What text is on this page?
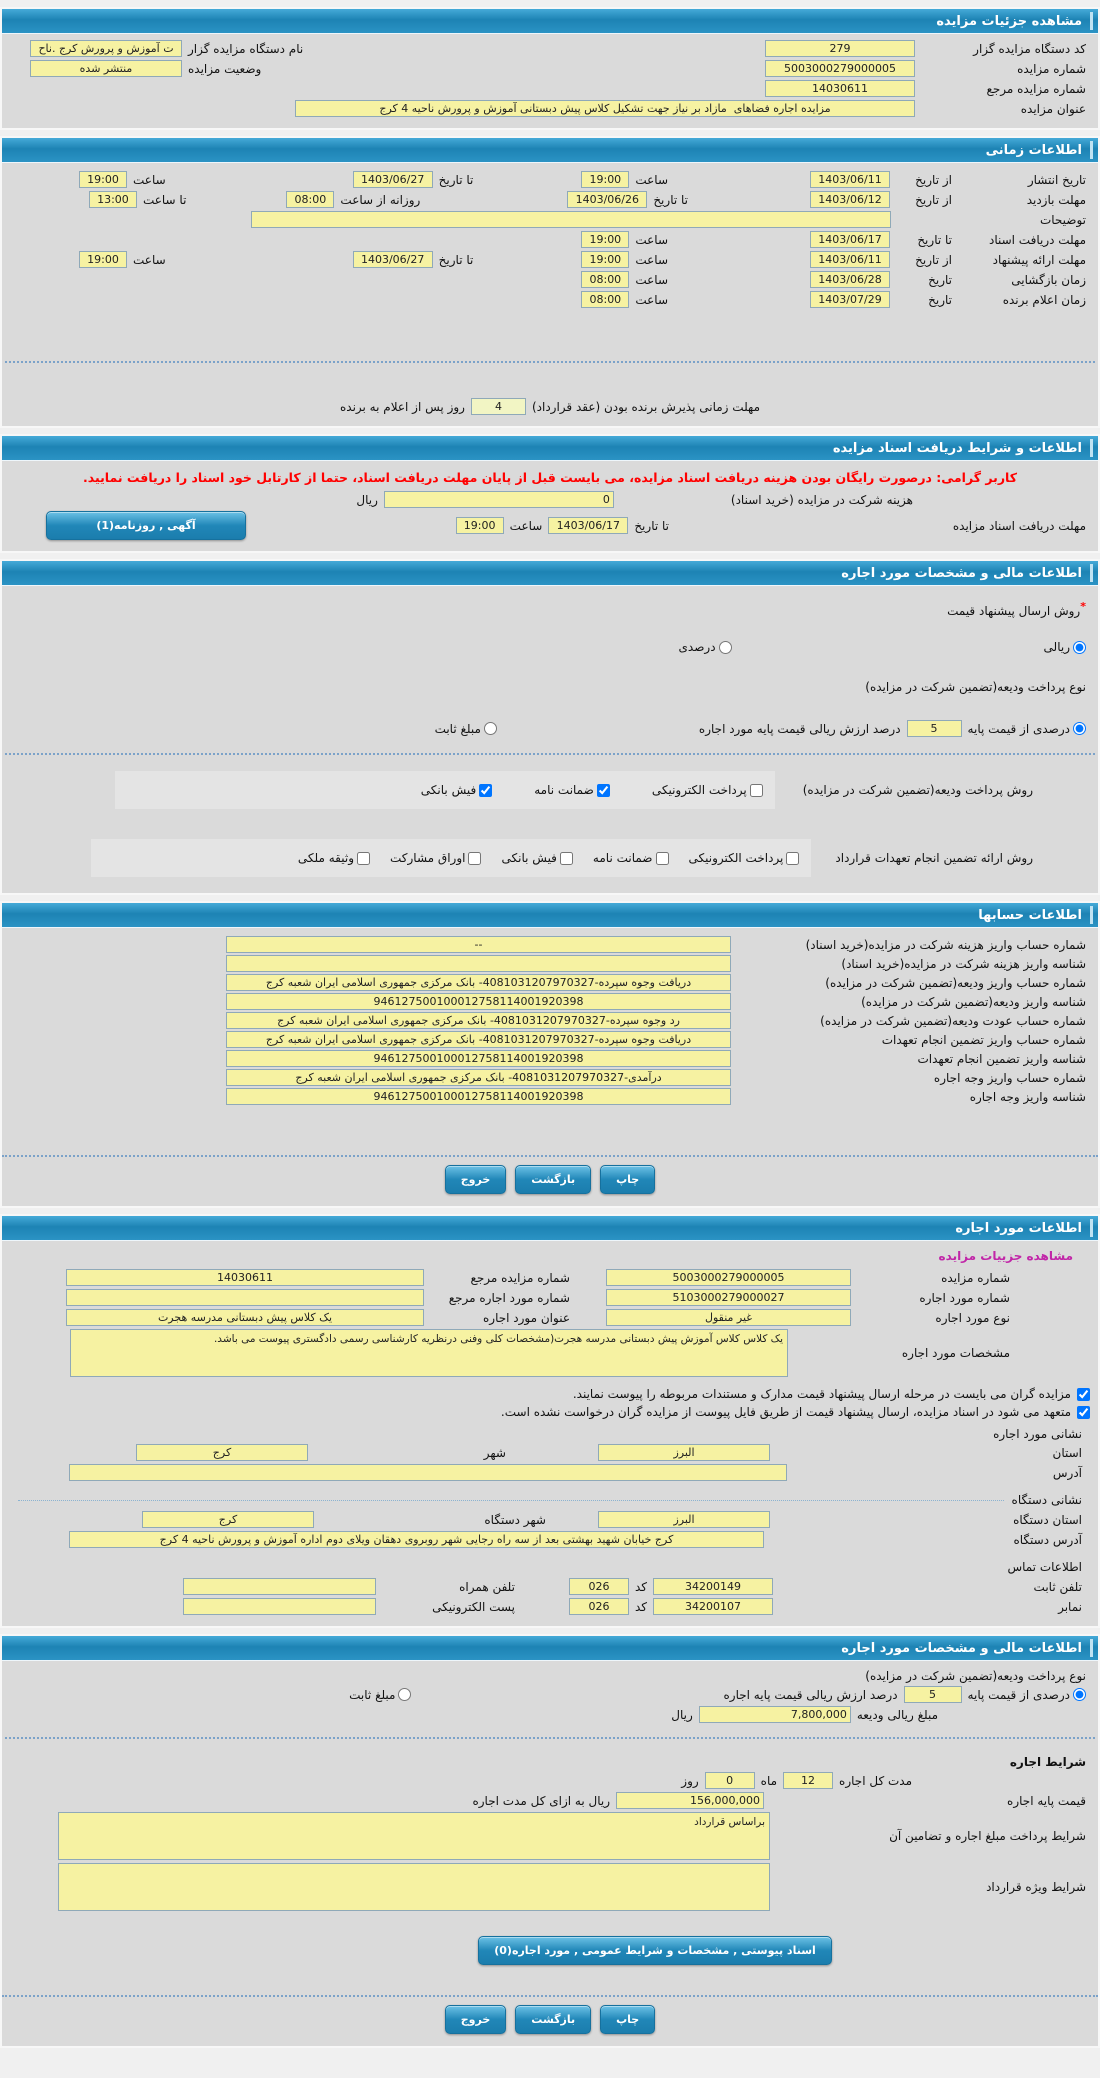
مشاهده جزئیات مزایده
کد دستگاه مزایده گزار
279
نام دستگاه مزایده گزار
ت آموزش و پرورش کرج .ناح
شماره مزایده
5003000279000005
وضعیت مزایده
منتشر شده
شماره مزایده مرجع
14030611
عنوان مزایده
مزایده اجاره فضاهای مازاد بر نیاز جهت تشکیل کلاس پیش دبستانی آموزش و پرورش ناحیه 4 کرج
اطلاعات زمانی
تاریخ انتشار
از تاریخ
1403/06/11
ساعت
19:00
تا تاریخ
1403/06/27
ساعت
19:00
مهلت بازدید
از تاریخ
1403/06/12
تا تاریخ
1403/06/26
روزانه از ساعت
08:00
تا ساعت
13:00
توضیحات
مهلت دریافت اسناد
تا تاریخ
1403/06/17
ساعت
19:00
مهلت ارائه پیشنهاد
از تاریخ
1403/06/11
ساعت
19:00
تا تاریخ
1403/06/27
ساعت
19:00
زمان بازگشایی
تاریخ
1403/06/28
ساعت
08:00
زمان اعلام برنده
تاریخ
1403/07/29
ساعت
08:00
مهلت زمانی پذیرش برنده بودن (عقد قرارداد)
4
روز پس از اعلام به برنده
اطلاعات و شرایط دریافت اسناد مزایده
کاربر گرامی: درصورت رایگان بودن هزینه دریافت اسناد مزایده، می بایست قبل از پایان مهلت دریافت اسناد، حتما از کارتابل خود اسناد را دریافت نمایید.
هزینه شرکت در مزایده (خرید اسناد)
0
ریال
مهلت دریافت اسناد مزایده
تا تاریخ
1403/06/17
ساعت
19:00
آگهی , روزنامه(1)
اطلاعات مالی و مشخصات مورد اجاره
*روش ارسال پیشنهاد قیمت
ریالی
درصدی
نوع پرداخت ودیعه(تضمین شرکت در مزایده)
درصدی از قیمت پایه
5
درصد ارزش ریالی قیمت پایه مورد اجاره
مبلغ ثابت
روش پرداخت ودیعه(تضمین شرکت در مزایده)
پرداخت الکترونیکی
ضمانت نامه
فیش بانکی
روش ارائه تضمین انجام تعهدات قرارداد
پرداخت الکترونیکی
ضمانت نامه
فیش بانکی
اوراق مشارکت
وثیقه ملکی
اطلاعات حسابها
شماره حساب واریز هزینه شرکت در مزایده(خرید اسناد)
--
شناسه واریز هزینه شرکت در مزایده(خرید اسناد)
شماره حساب واریز ودیعه(تضمین شرکت در مزایده)
دریافت وجوه سپرده-4081031207970327- بانک مرکزی جمهوری اسلامی ایران شعبه کرج
شناسه واریز ودیعه(تضمین شرکت در مزایده)
946127500100012758114001920398
شماره حساب عودت ودیعه(تضمین شرکت در مزایده)
رد وجوه سپرده-4081031207970327- بانک مرکزی جمهوری اسلامی ایران شعبه کرج
شماره حساب واریز تضمین انجام تعهدات
دریافت وجوه سپرده-4081031207970327- بانک مرکزی جمهوری اسلامی ایران شعبه کرج
شناسه واریز تضمین انجام تعهدات
946127500100012758114001920398
شماره حساب واریز وجه اجاره
درآمدی-4081031207970327- بانک مرکزی جمهوری اسلامی ایران شعبه کرج
شناسه واریز وجه اجاره
946127500100012758114001920398
چاپ
بازگشت
خروج
اطلاعات مورد اجاره
مشاهده جزییات مزایده
شماره مزایده
5003000279000005
شماره مزایده مرجع
14030611
شماره مورد اجاره
5103000279000027
شماره مورد اجاره مرجع
نوع مورد اجاره
غیر منقول
عنوان مورد اجاره
یک کلاس پیش دبستانی مدرسه هجرت
مشخصات مورد اجاره
یک کلاس کلاس آموزش پیش دبستانی مدرسه هجرت(مشخصات کلی وفنی درنظریه کارشناسی رسمی دادگستری پیوست می باشد.
مزایده گران می بایست در مرحله ارسال پیشنهاد قیمت مدارک و مستندات مربوطه را پیوست نمایند.
متعهد می شود در اسناد مزایده، ارسال پیشنهاد قیمت از طریق فایل پیوست از مزایده گران درخواست نشده است.
نشانی مورد اجاره
استان
البرز
شهر
کرج
آدرس
نشانی دستگاه
استان دستگاه
البرز
شهر دستگاه
کرج
آدرس دستگاه
کرج خیابان شهید بهشتی بعد از سه راه رجایی شهر روبروی دهقان ویلای دوم اداره آموزش و پرورش ناحیه 4 کرج
اطلاعات تماس
تلفن ثابت
34200149
کد
026
تلفن همراه
نمابر
34200107
کد
026
پست الکترونیکی
اطلاعات مالی و مشخصات مورد اجاره
نوع پرداخت ودیعه(تضمین شرکت در مزایده)
درصدی از قیمت پایه
5
درصد ارزش ریالی قیمت پایه اجاره
مبلغ ثابت
مبلغ ریالی ودیعه
7,800,000
ریال
شرایط اجاره
مدت کل اجاره
12
ماه
0
روز
قیمت پایه اجاره
156,000,000
ریال به ازای کل مدت اجاره
شرایط پرداخت مبلغ اجاره و تضامین آن
براساس قرارداد
شرایط ویژه قرارداد
اسناد پیوستی , مشخصات و شرایط عمومی , مورد اجاره(0)
چاپ
بازگشت
خروج
